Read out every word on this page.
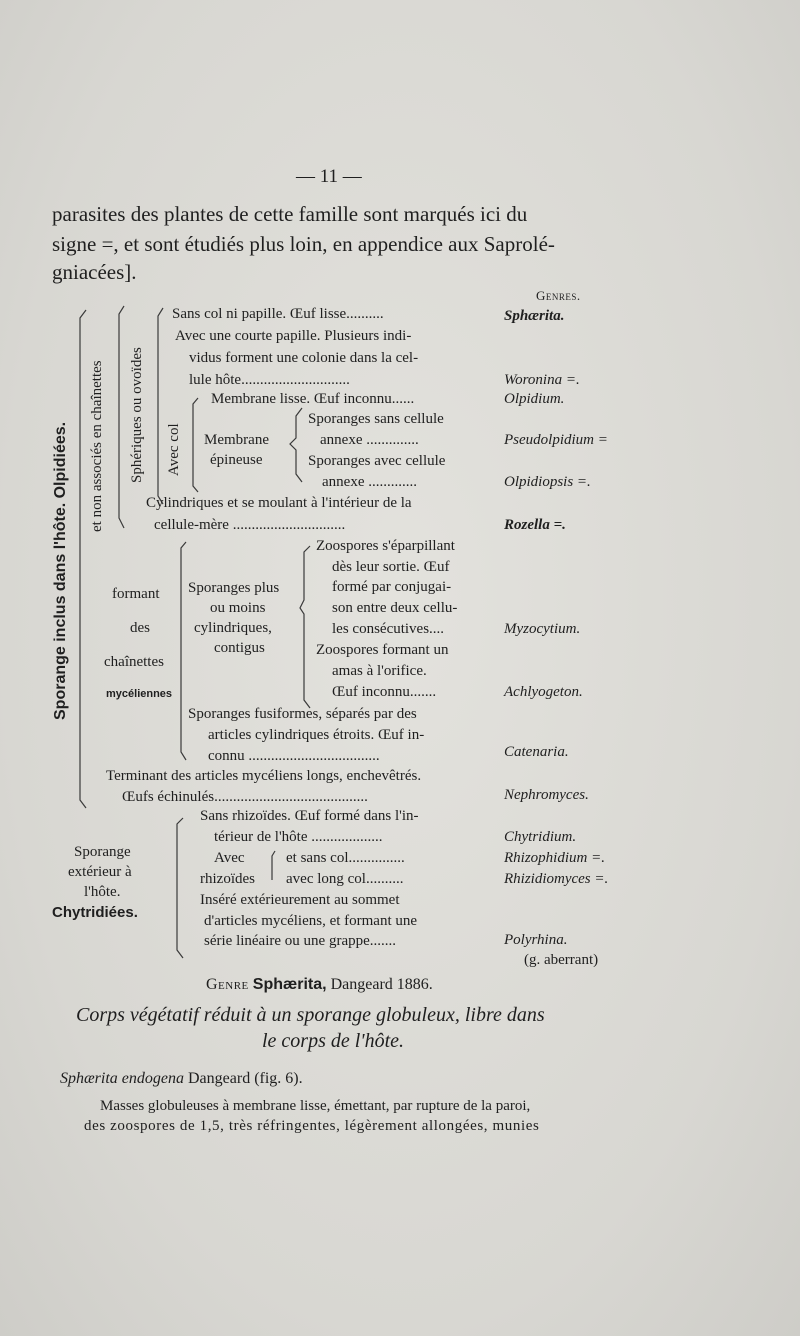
— 11 —
parasites des plantes de cette famille sont marqués ici du
signe =, et sont étudiés plus loin, en appendice aux Saprolé-
gniacées].
Genres.
Sporange inclus dans l'hôte. Olpidiées. et non associés en chaînettes Sphériques ou ovoïdes Avec col
Sans col ni papille. Œuf lisse..........
Avec une courte papille. Plusieurs indi-
vidus forment une colonie dans la cel-
lule hôte.............................
Membrane lisse. Œuf inconnu......
Sporanges sans cellule
annexe ..............
Membrane
épineuse	Sporanges avec cellule
annexe .............
Cylindriques et se moulant à l'intérieur de la
cellule-mère ..............................
formant
des
chaînettes
mycéliennes
Sporanges plus
ou moins
cylindriques,
contigus
Zoospores s'éparpillant
dès leur sortie. Œuf
formé par conjugai-
son entre deux cellu-
les consécutives....
Zoospores formant un
amas à l'orifice.
Œuf inconnu.......
Sporanges fusiformes, séparés par des
articles cylindriques étroits. Œuf in-
connu ...................................
Terminant des articles mycéliens longs, enchevêtrés.
Œufs échinulés.........................................
Sporange
extérieur à
l'hôte.
Chytridiées.
Sans rhizoïdes. Œuf formé dans l'in-
térieur de l'hôte ...................
Avec
rhizoïdes
et sans col...............
avec long col..........
Inséré extérieurement au sommet
d'articles mycéliens, et formant une
série linéaire ou une grappe.......
Sphærita.
Woronina =.
Olpidium.
Pseudolpidium =
Olpidiopsis =.
Rozella =.
Myzocytium.
Achlyogeton.
Catenaria.
Nephromyces.
Chytridium.
Rhizophidium =.
Rhizidiomyces =.
Polyrhina.
(g. aberrant)
Genre Sphærita, Dangeard 1886.
Corps végétatif réduit à un sporange globuleux, libre dans
le corps de l'hôte.
Sphærita endogena Dangeard (fig. 6).
Masses globuleuses à membrane lisse, émettant, par rupture de la paroi,
des zoospores de 1,5, très réfringentes, légèrement allongées, munies
